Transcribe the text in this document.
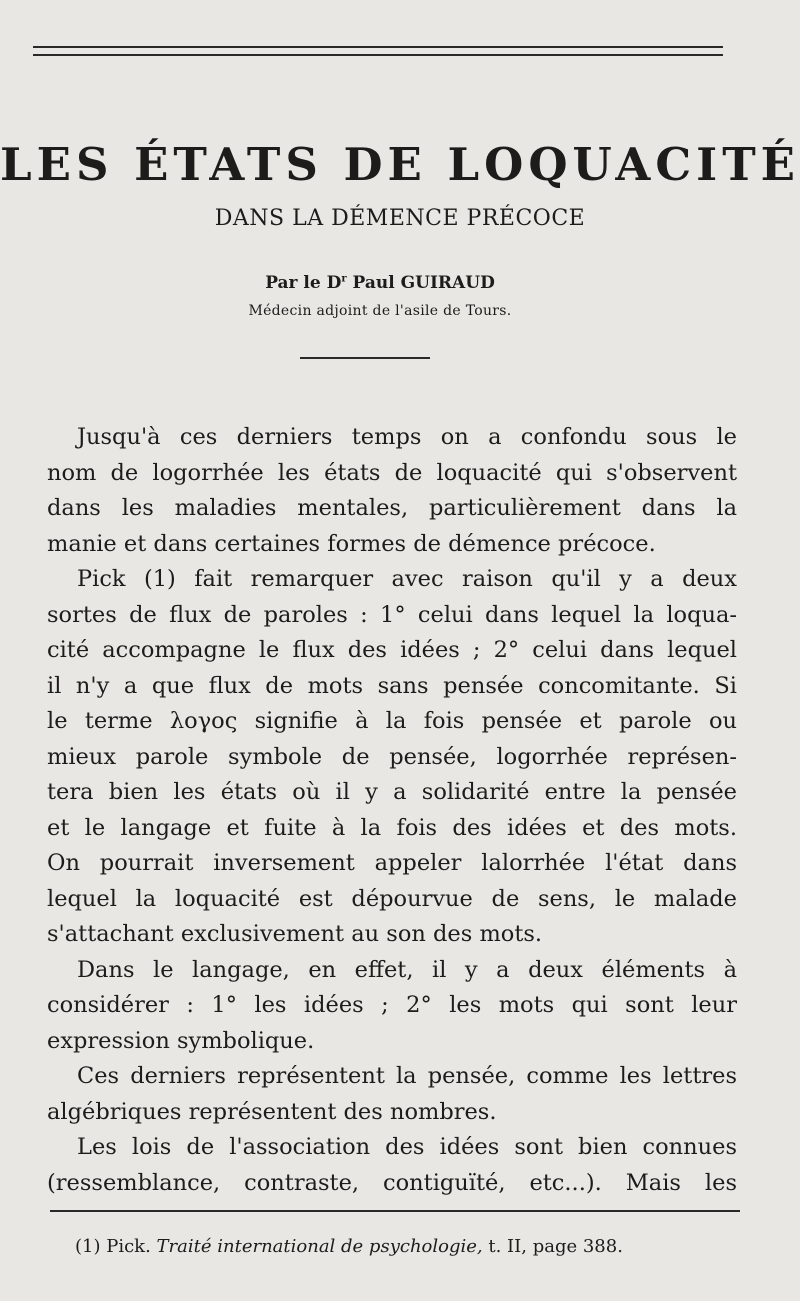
LES ÉTATS DE LOQUACITÉ
DANS LA DÉMENCE PRÉCOCE
Par le $D^r$ Paul GUIRAUD
Médecin adjoint de l'asile de Tours.
Jusqu'à ces derniers temps on a confondu sous le
nom de logorrhée les états de loquacité qui s'observent
dans les maladies mentales, particulièrement dans la
manie et dans certaines formes de démence précoce.
Pick (1) fait remarquer avec raison qu'il y a deux
sortes de flux de paroles : 1° celui dans lequel la loqua-
cité accompagne le flux des idées ; 2° celui dans lequel
il n'y a que flux de mots sans pensée concomitante. Si
le terme λογος signifie à la fois pensée et parole ou
mieux parole symbole de pensée, logorrhée représen-
tera bien les états où il y a solidarité entre la pensée
et le langage et fuite à la fois des idées et des mots.
On pourrait inversement appeler lalorrhée l'état dans
lequel la loquacité est dépourvue de sens, le malade
s'attachant exclusivement au son des mots.
Dans le langage, en effet, il y a deux éléments à
considérer : 1° les idées ; 2° les mots qui sont leur
expression symbolique.
Ces derniers représentent la pensée, comme les lettres
algébriques représentent des nombres.
Les lois de l'association des idées sont bien connues
(ressemblance, contraste, contiguïté, etc...). Mais les
(1) Pick. Traité international de psychologie, t. II, page 388.
